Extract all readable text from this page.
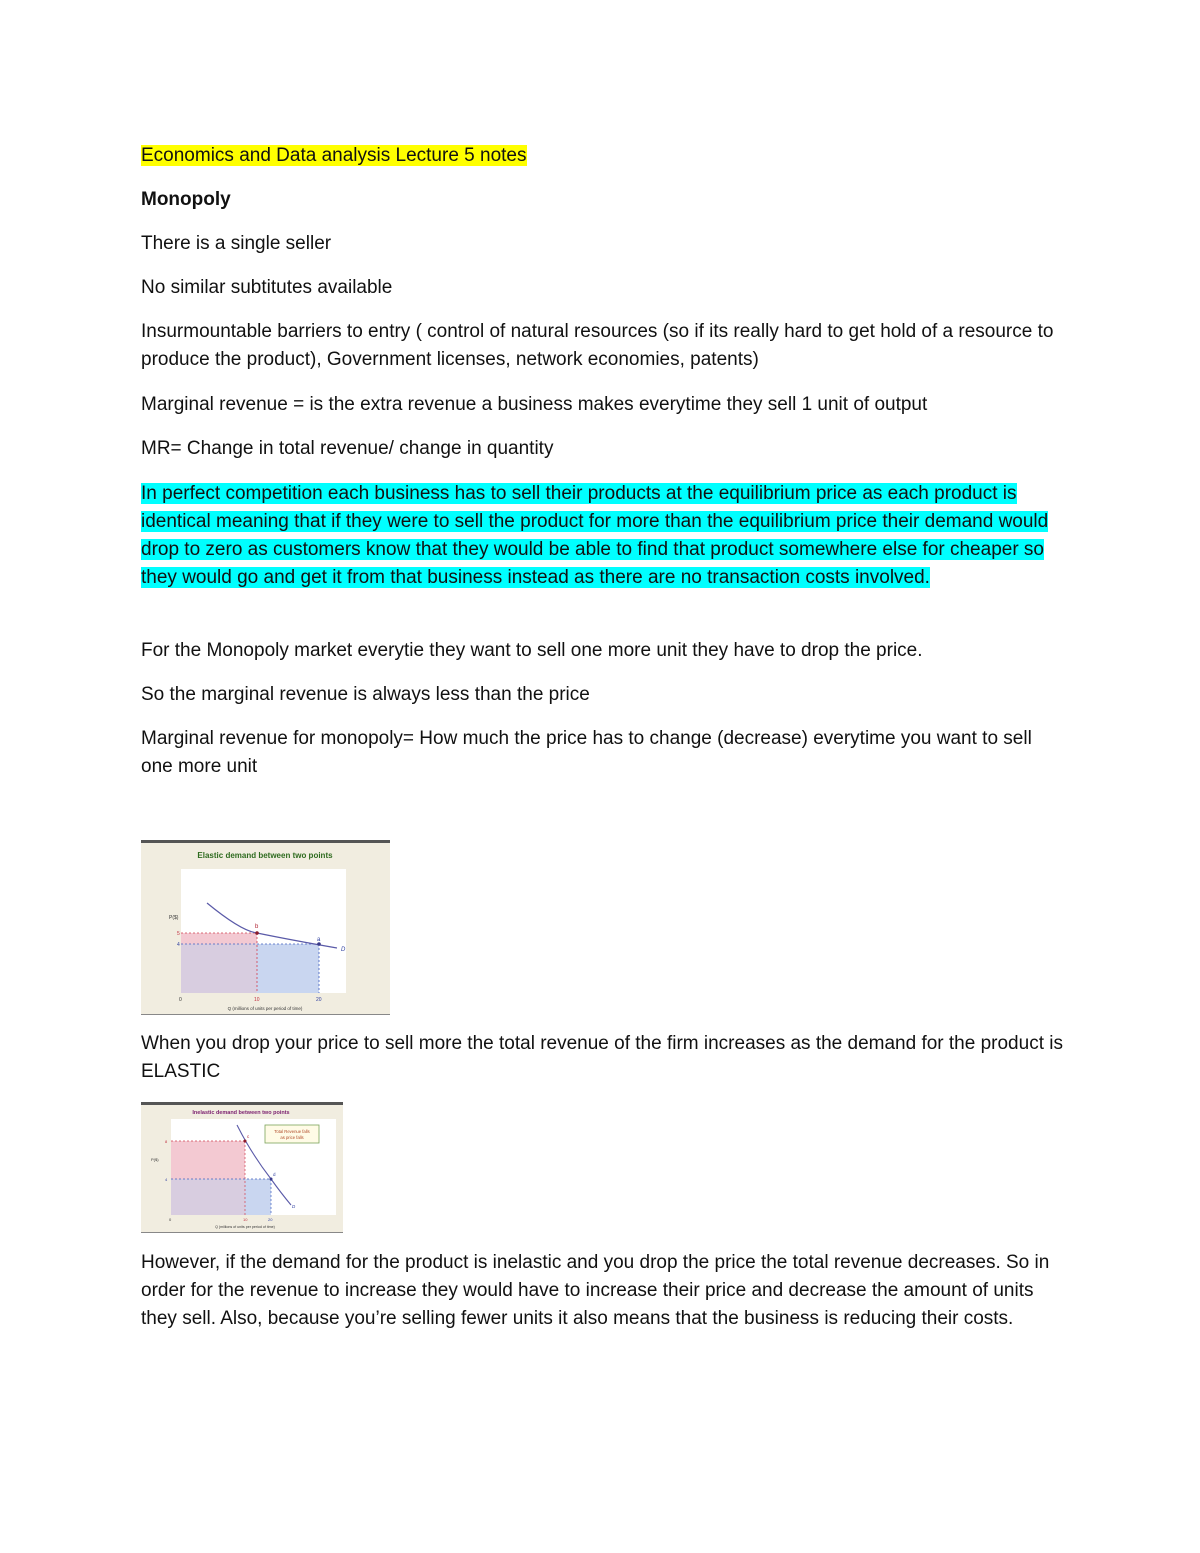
Economics and Data analysis Lecture 5 notes

Monopoly

There is a single seller

No similar subtitutes available

Insurmountable barriers to entry ( control of natural resources (so if its really hard to get hold of a resource to produce the product), Government licenses, network economies, patents)

Marginal revenue = is the extra revenue a business makes everytime they sell 1 unit of output

MR= Change in total revenue/ change in quantity

In perfect competition each business has to sell their products at the equilibrium price as each product is identical meaning that if they were to sell the product for more than the equilibrium price their demand would drop to zero as customers know that they would be able to find that product somewhere else for cheaper so they would go and get it from that business instead as there are no transaction costs involved.

For the Monopoly market everytie they want to sell one more unit they have to drop the price.

So the marginal revenue is always less than the price

Marginal revenue for monopoly= How much the price has to change (decrease) everytime you want to sell one more unit

Elastic demand between two points
b
a
D
P($)
5
4
0	10	20
Q (millions of units per period of time)

When you drop your price to sell more the total revenue of the firm increases as the demand for the product is ELASTIC

Inelastic demand between two points
Total Revenue falls
as price falls
c
d
D
P($)
8
4
0	10	20
Q (millions of units per period of time)

However, if the demand for the product is inelastic and you drop the price the total revenue decreases. So in order for the revenue to increase they would have to increase their price and decrease the amount of units they sell. Also, because you’re selling fewer units it also means that the business is reducing their costs.
